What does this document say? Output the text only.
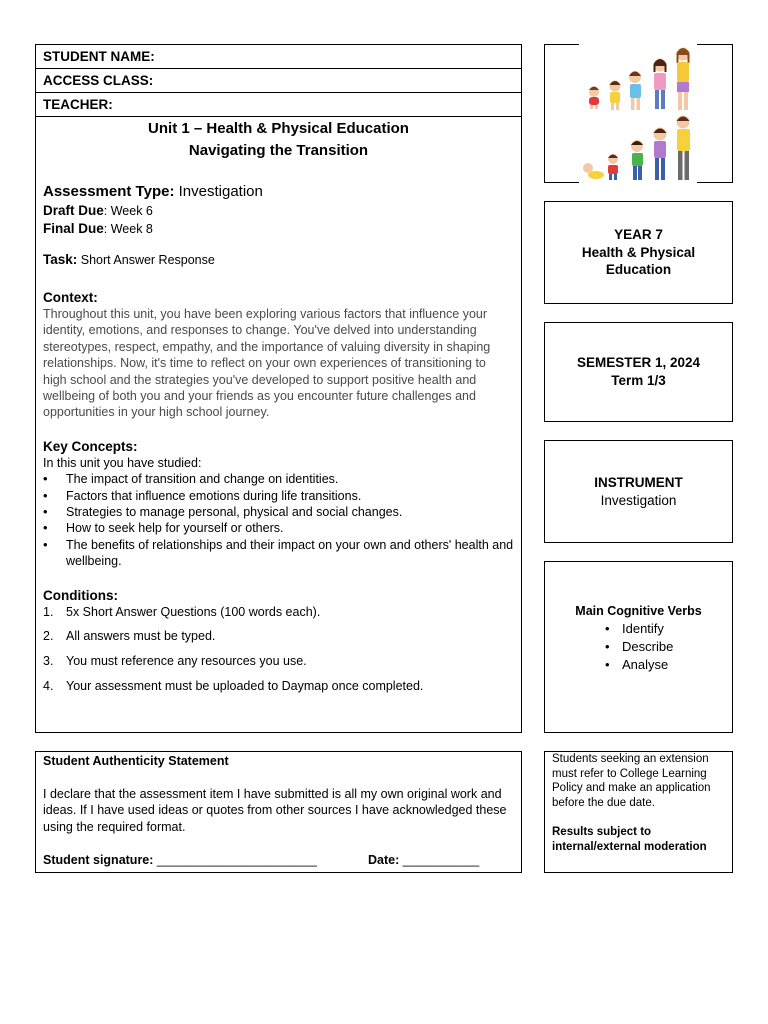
STUDENT NAME:
ACCESS CLASS:
TEACHER:
Unit 1 – Health & Physical Education
Navigating the Transition
Assessment Type: Investigation
Draft Due: Week 6
Final Due: Week 8
Task: Short Answer Response
Context:
Throughout this unit, you have been exploring various factors that influence your identity, emotions, and responses to change. You've delved into understanding stereotypes, respect, empathy, and the importance of valuing diversity in shaping relationships. Now, it's time to reflect on your own experiences of transitioning to high school and the strategies you've developed to support positive health and wellbeing of both you and your friends as you encounter future challenges and opportunities in your high school journey.
Key Concepts:
In this unit you have studied:
• The impact of transition and change on identities.
• Factors that influence emotions during life transitions.
• Strategies to manage personal, physical and social changes.
• How to seek help for yourself or others.
• The benefits of relationships and their impact on your own and others' health and wellbeing.
Conditions:
1. 5x Short Answer Questions (100 words each).
2. All answers must be typed.
3. You must reference any resources you use.
4. Your assessment must be uploaded to Daymap once completed.
YEAR 7
Health & Physical
Education
SEMESTER 1, 2024
Term 1/3
INSTRUMENT
Investigation
Main Cognitive Verbs
• Identify
• Describe
• Analyse
Student Authenticity Statement
I declare that the assessment item I have submitted is all my own original work and ideas. If I have used ideas or quotes from other sources I have acknowledged these using the required format.
Student signature: _______________________	Date: ___________
Students seeking an extension must refer to College Learning Policy and make an application before the due date.
Results subject to internal/external moderation
